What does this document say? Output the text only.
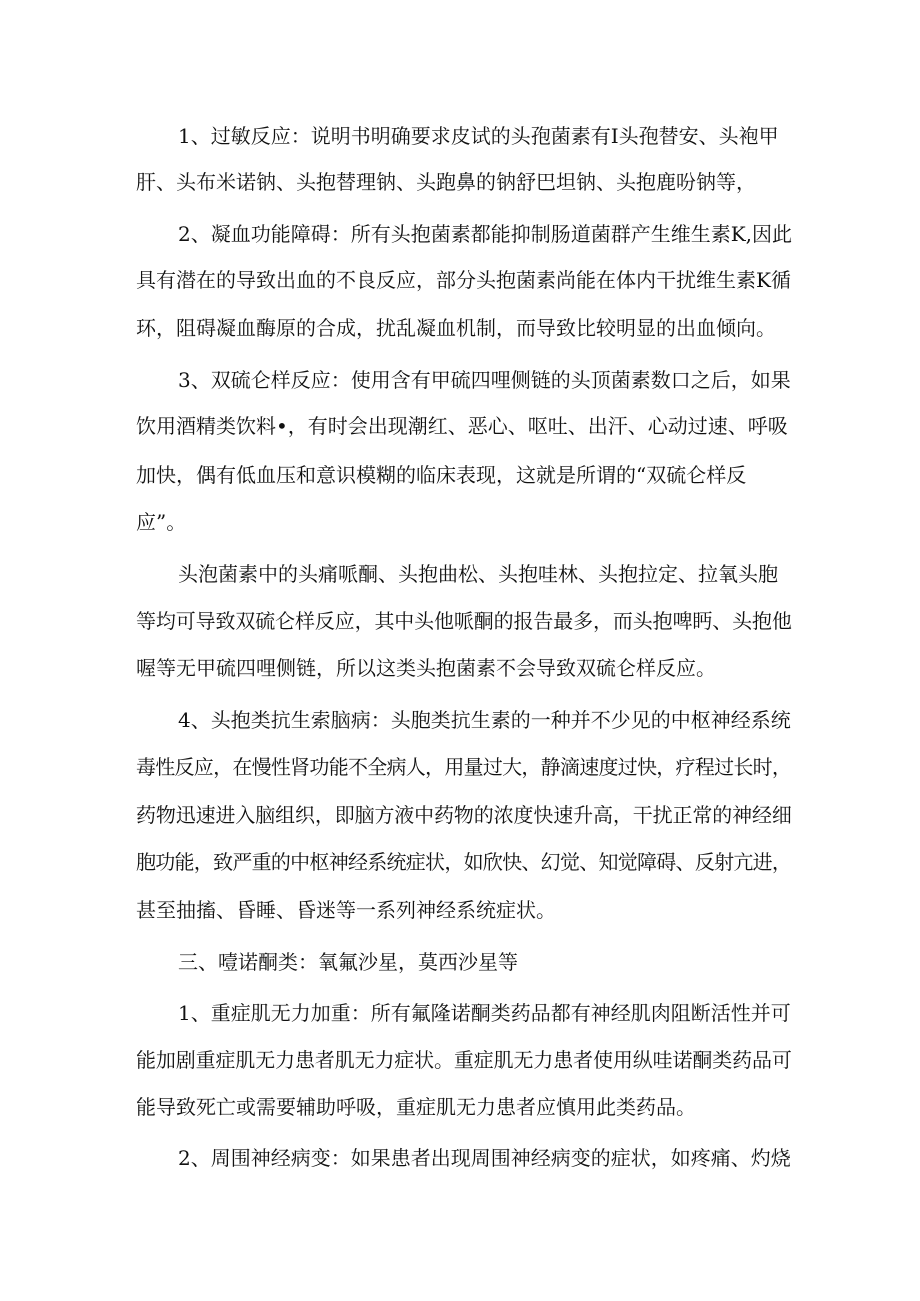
1、过敏反应：说明书明确要求皮试的头孢菌素有I头孢替安、头袍甲

肝、头布米诺钠、头抱替理钠、头跑鼻的钠舒巴坦钠、头抱鹿吩钠等，

2、凝血功能障碍：所有头抱菌素都能抑制肠道菌群产生维生素K,因此

具有潜在的导致出血的不良反应，部分头抱菌素尚能在体内干扰维生素K循

环，阻碍凝血酶原的合成，扰乱凝血机制，而导致比较明显的出血倾向。

3、双硫仑样反应：使用含有甲硫四哩侧链的头顶菌素数口之后，如果

饮用酒精类饮料•，有时会出现潮红、恶心、呕吐、出汗、心动过速、呼吸

加快，偶有低血压和意识模糊的临床表现，这就是所谓的“双硫仑样反

应”。

头泡菌素中的头痛哌酮、头抱曲松、头抱哇林、头抱拉定、拉氧头胞

等均可导致双硫仑样反应，其中头他哌酮的报告最多，而头抱啤眄、头抱他

喔等无甲硫四哩侧链，所以这类头抱菌素不会导致双硫仑样反应。

4、头抱类抗生索脑病：头胞类抗生素的一种并不少见的中枢神经系统

毒性反应，在慢性肾功能不全病人，用量过大，静滴速度过快，疗程过长时，

药物迅速进入脑组织，即脑方液中药物的浓度快速升高，干扰正常的神经细

胞功能，致严重的中枢神经系统症状，如欣快、幻觉、知觉障碍、反射亢进，

甚至抽搐、昏睡、昏迷等一系列神经系统症状。

三、噎诺酮类：氧氟沙星，莫西沙星等

1、重症肌无力加重：所有氟隆诺酮类药品都有神经肌肉阻断活性并可

能加剧重症肌无力患者肌无力症状。重症肌无力患者使用纵哇诺酮类药品可

能导致死亡或需要辅助呼吸，重症肌无力患者应慎用此类药品。

2、周围神经病变：如果患者出现周围神经病变的症状，如疼痛、灼烧
